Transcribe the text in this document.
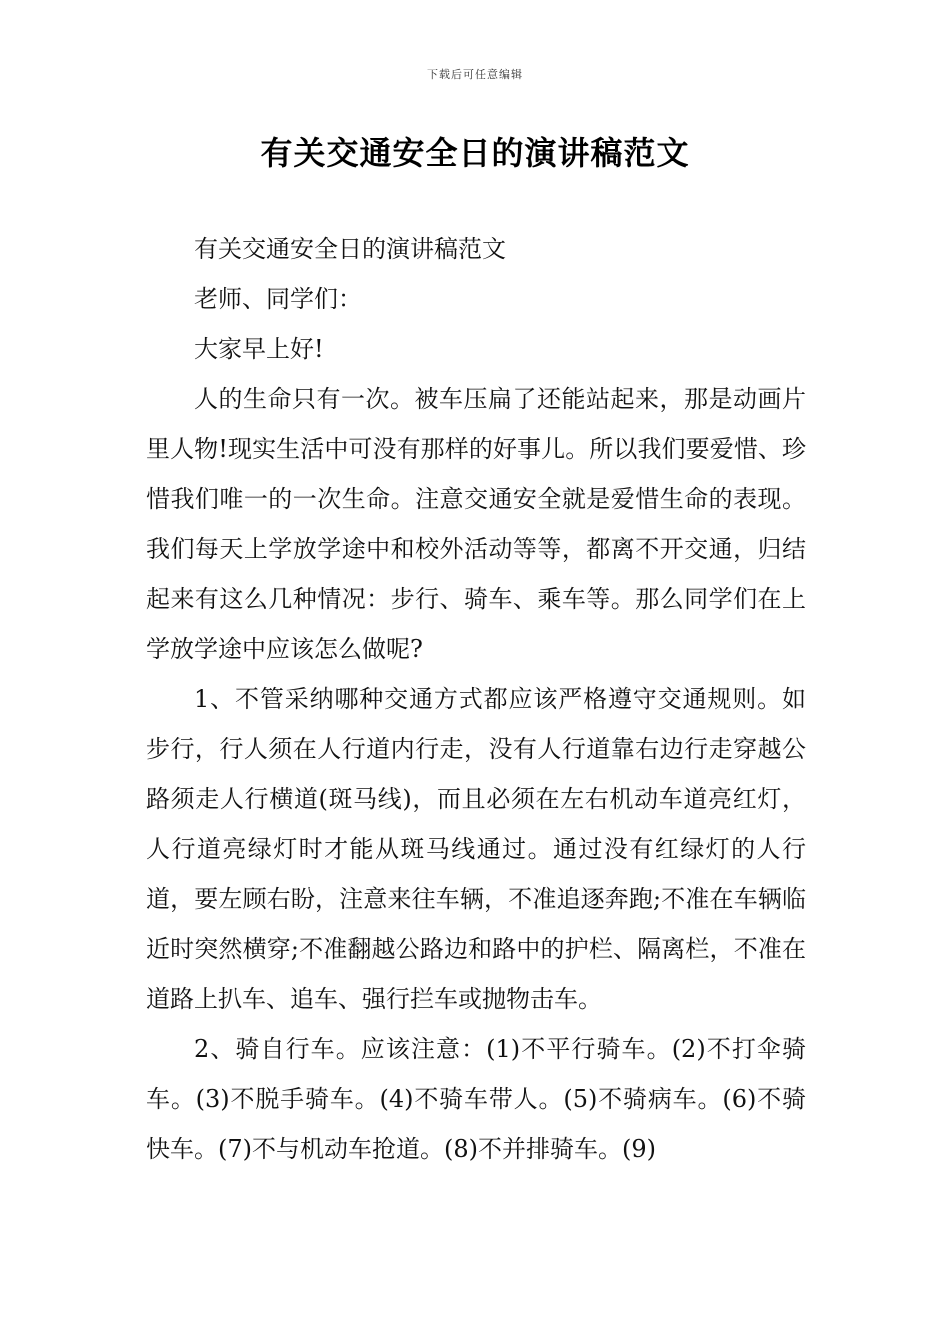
下载后可任意编辑
有关交通安全日的演讲稿范文

有关交通安全日的演讲稿范文

老师、同学们：

大家早上好!

人的生命只有一次。被车压扁了还能站起来，那是动画片里人物!现实生活中可没有那样的好事儿。所以我们要爱惜、珍惜我们唯一的一次生命。注意交通安全就是爱惜生命的表现。我们每天上学放学途中和校外活动等等，都离不开交通，归结起来有这么几种情况：步行、骑车、乘车等。那么同学们在上学放学途中应该怎么做呢?

1、不管采纳哪种交通方式都应该严格遵守交通规则。如步行，行人须在人行道内行走，没有人行道靠右边行走穿越公路须走人行横道(斑马线)，而且必须在左右机动车道亮红灯，人行道亮绿灯时才能从斑马线通过。通过没有红绿灯的人行道，要左顾右盼，注意来往车辆，不准追逐奔跑;不准在车辆临近时突然横穿;不准翻越公路边和路中的护栏、隔离栏，不准在道路上扒车、追车、强行拦车或抛物击车。

2、骑自行车。应该注意：(1)不平行骑车。(2)不打伞骑车。(3)不脱手骑车。(4)不骑车带人。(5)不骑病车。(6)不骑快车。(7)不与机动车抢道。(8)不并排骑车。(9)
